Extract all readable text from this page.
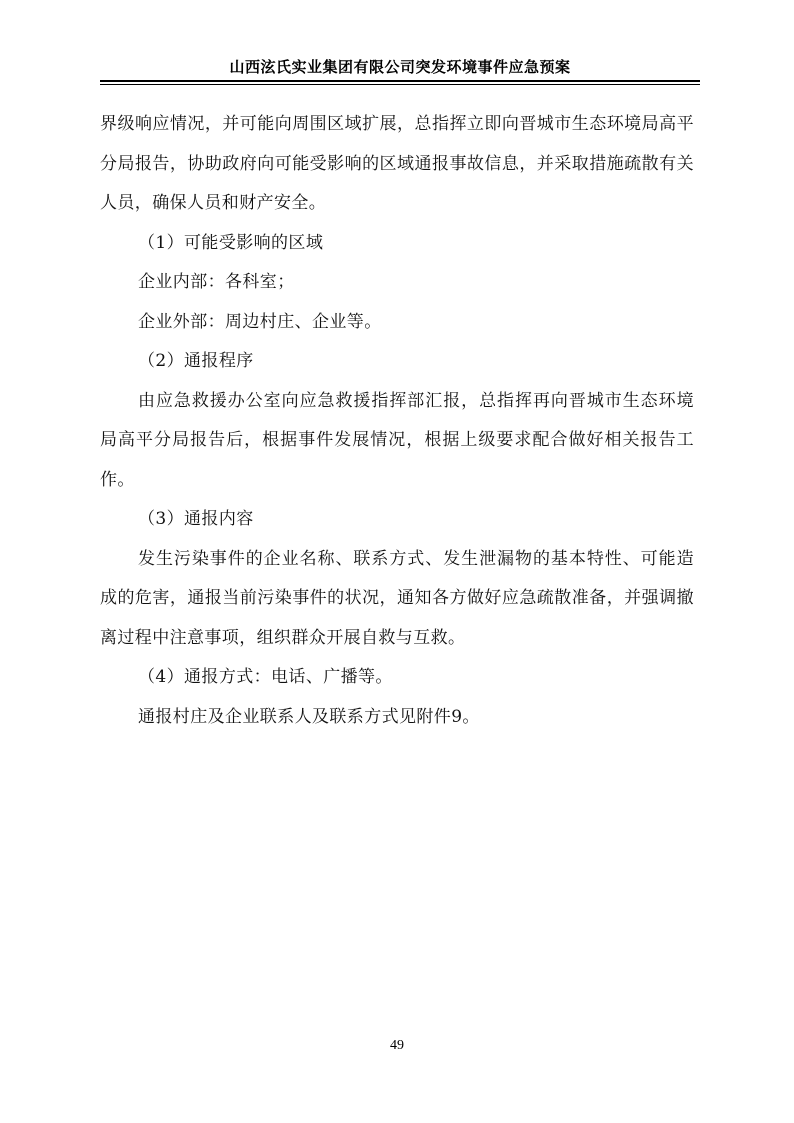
山西泫氏实业集团有限公司突发环境事件应急预案

界级响应情况，并可能向周围区域扩展，总指挥立即向晋城市生态环境局高平分局报告，协助政府向可能受影响的区域通报事故信息，并采取措施疏散有关人员，确保人员和财产安全。

（1）可能受影响的区域

企业内部：各科室；

企业外部：周边村庄、企业等。

（2）通报程序

由应急救援办公室向应急救援指挥部汇报，总指挥再向晋城市生态环境局高平分局报告后，根据事件发展情况，根据上级要求配合做好相关报告工作。

（3）通报内容

发生污染事件的企业名称、联系方式、发生泄漏物的基本特性、可能造成的危害，通报当前污染事件的状况，通知各方做好应急疏散准备，并强调撤离过程中注意事项，组织群众开展自救与互救。

（4）通报方式：电话、广播等。

通报村庄及企业联系人及联系方式见附件9。

49
